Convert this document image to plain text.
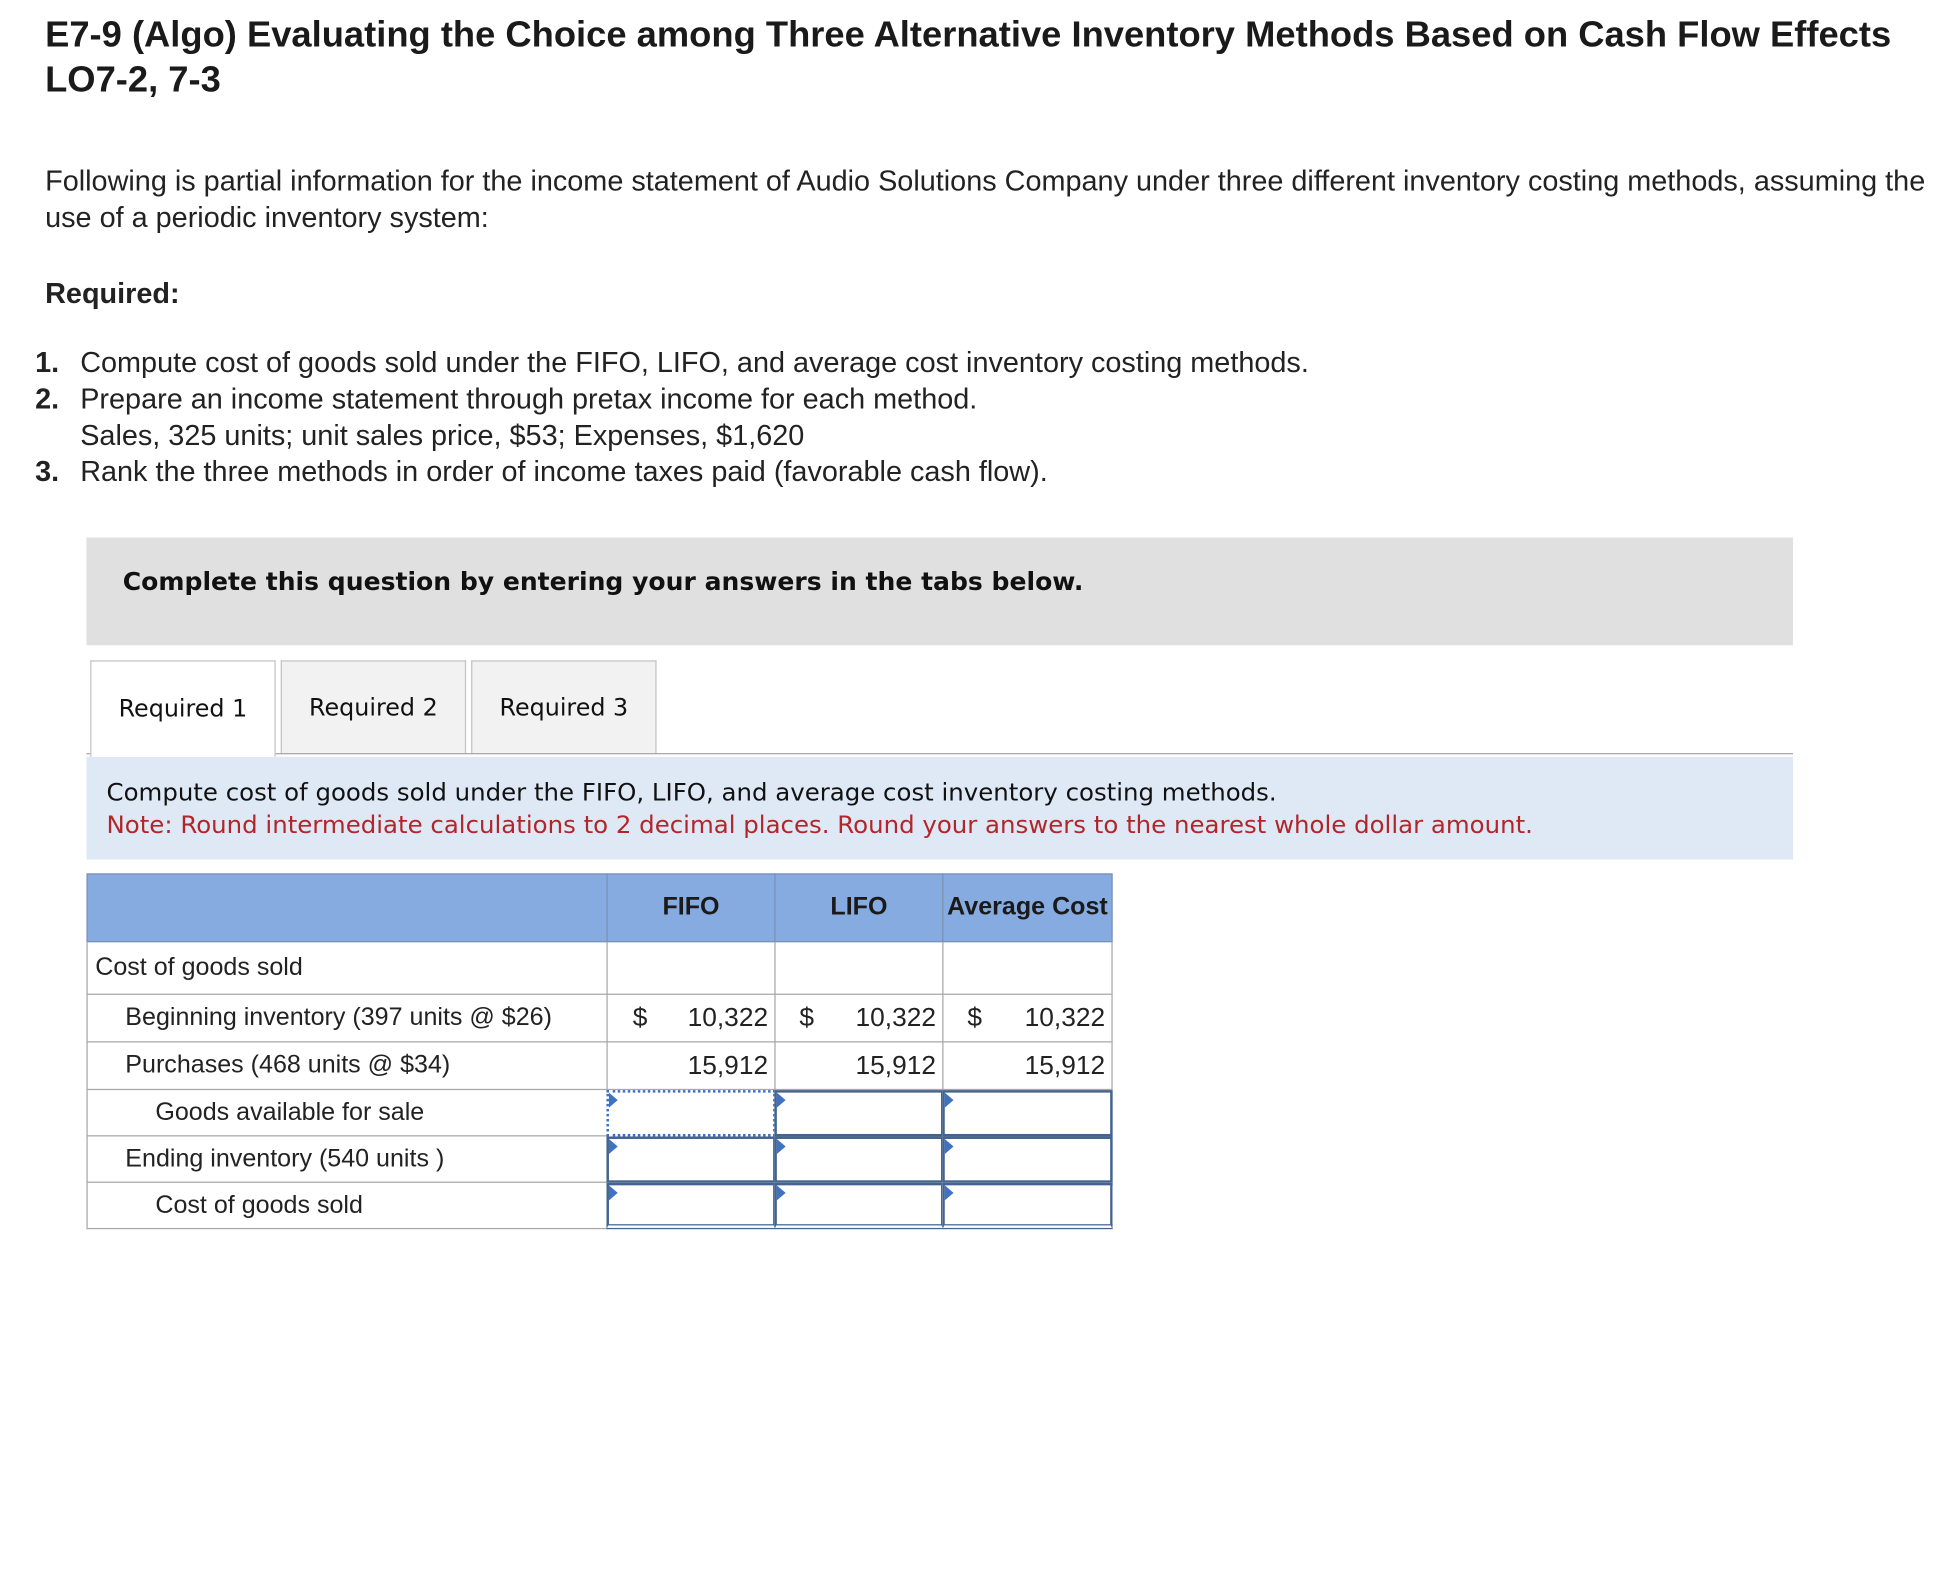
E7-9 (Algo) Evaluating the Choice among Three Alternative Inventory Methods Based on Cash Flow Effects LO7-2, 7-3

Following is partial information for the income statement of Audio Solutions Company under three different inventory costing methods, assuming the use of a periodic inventory system:

Required:
1. Compute cost of goods sold under the FIFO, LIFO, and average cost inventory costing methods.
2. Prepare an income statement through pretax income for each method.
Sales, 325 units; unit sales price, $53; Expenses, $1,620
3. Rank the three methods in order of income taxes paid (favorable cash flow).
Complete this question by entering your answers in the tabs below.
Required 1	Required 2	Required 3
Compute cost of goods sold under the FIFO, LIFO, and average cost inventory costing methods.
Note: Round intermediate calculations to 2 decimal places. Round your answers to the nearest whole dollar amount.
FIFO	LIFO	Average Cost
Cost of goods sold
Beginning inventory (397 units @ $26)	$ 10,322 $ 10,322 $ 10,322
Purchases (468 units @ $34)	15,912	15,912	15,912
Goods available for sale
Ending inventory (540 units )
Cost of goods sold
